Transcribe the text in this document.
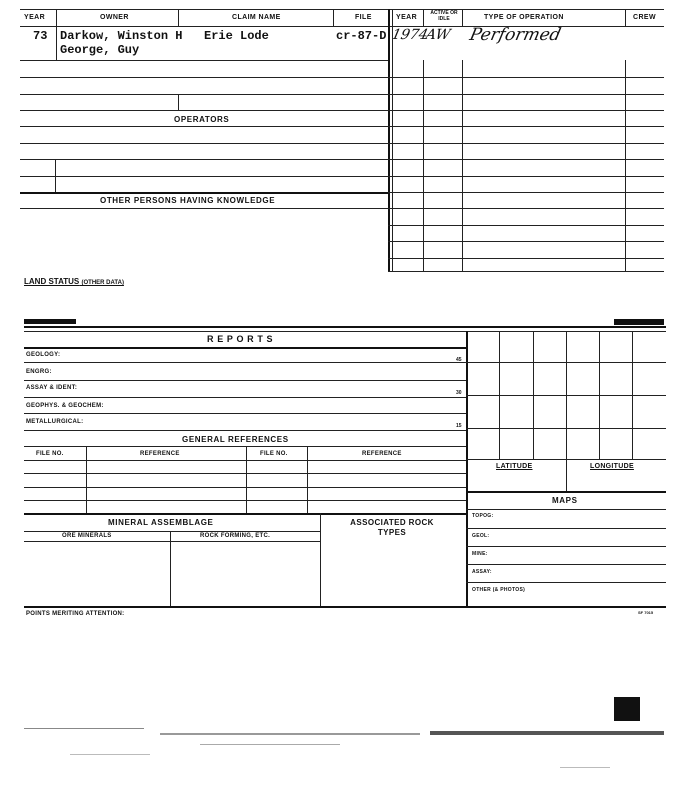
YEAR	OWNER	CLAIM NAME	FILE	YEAR
ACTIVE OR IDLE	TYPE OF OPERATION	CREW
73 Darkow, Winston H
George, Guy
Erie Lode	cr-87-D 1974
AW Performed
OPERATORS
OTHER PERSONS HAVING KNOWLEDGE
LAND STATUS (OTHER DATA)
R E P O R T S
GEOLOGY:
ENGRG:
ASSAY & IDENT:
GEOPHYS. & GEOCHEM:
METALLURGICAL:
GENERAL REFERENCES
FILE NO.	REFERENCE	FILE NO.	REFERENCE
MINERAL ASSEMBLAGE	ASSOCIATED ROCK TYPES
ORE MINERALS	ROCK FORMING, ETC.
45
30
15
LATITUDE	LONGITUDE
MAPS
TOPOG:
GEOL:
MINE:
ASSAY:
OTHER (& PHOTOS)
POINTS MERITING ATTENTION:	SF 7015
